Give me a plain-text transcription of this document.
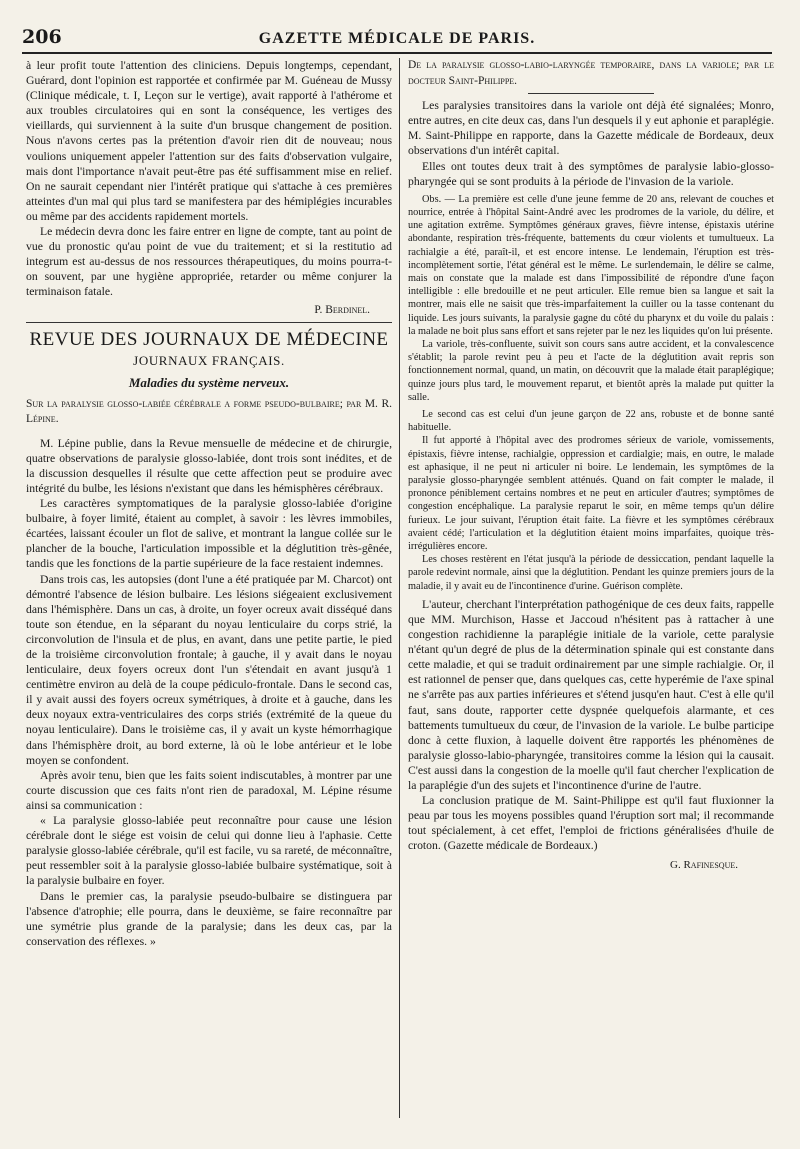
206	GAZETTE MÉDICALE DE PARIS.

à leur profit toute l'attention des cliniciens. Depuis longtemps, cependant, Guérard, dont l'opinion est rapportée et confirmée par M. Guéneau de Mussy (Clinique médicale, t. I, Leçon sur le vertige), avait rapporté à l'athérome et aux troubles circulatoires qui en sont la conséquence, les vertiges des vieillards, qui surviennent à la suite d'un brusque changement de position. Nous n'avons certes pas la prétention d'avoir rien dit de nouveau; nous voulions uniquement appeler l'attention sur des faits d'observation vulgaire, mais dont l'importance n'avait peut-être pas été suffisamment mise en relief. On ne saurait cependant nier l'intérêt pratique qui s'attache à ces premières atteintes d'un mal qui plus tard se manifestera par des hémiplégies incurables ou même par des accidents rapidement mortels.

Le médecin devra donc les faire entrer en ligne de compte, tant au point de vue du pronostic qu'au point de vue du traitement; et si la restitutio ad integrum est au-dessus de nos ressources thérapeutiques, du moins pourra-t-on souvent, par une hygiène appropriée, retarder ou même conjurer la terminaison fatale.

P. Berdinel.

REVUE DES JOURNAUX DE MÉDECINE

JOURNAUX FRANÇAIS.

Maladies du système nerveux.

Sur la paralysie glosso-labiée cérébrale a forme pseudo-bulbaire; par M. R. Lépine.

M. Lépine publie, dans la Revue mensuelle de médecine et de chirurgie, quatre observations de paralysie glosso-labiée, dont trois sont inédites, et de la discussion desquelles il résulte que cette affection peut se produire avec intégrité du bulbe, les lésions n'existant que dans les hémisphères cérébraux.

Les caractères symptomatiques de la paralysie glosso-labiée d'origine bulbaire, à foyer limité, étaient au complet, à savoir : les lèvres immobiles, écartées, laissant écouler un flot de salive, et montrant la langue collée sur le plancher de la bouche, l'articulation impossible et la déglutition très-gênée, tandis que les fonctions de la partie supérieure de la face restaient indemnes.

Dans trois cas, les autopsies (dont l'une a été pratiquée par M. Charcot) ont démontré l'absence de lésion bulbaire. Les lésions siégeaient exclusivement dans l'hémisphère. Dans un cas, à droite, un foyer ocreux avait disséqué dans toute son étendue, en la séparant du noyau lenticulaire du corps strié, la circonvolution de l'insula et de plus, en avant, dans une petite partie, le pied de la troisième circonvolution frontale; à gauche, il y avait dans le noyau lenticulaire, deux foyers ocreux dont l'un s'étendait en avant jusqu'à 1 centimètre environ au delà de la coupe pédiculo-frontale. Dans le second cas, il y avait aussi des foyers ocreux symétriques, à droite et à gauche, dans les deux noyaux extra-ventriculaires des corps striés (extrémité de la queue du noyau lenticulaire). Dans le troisième cas, il y avait un kyste hémorrhagique dans l'hémisphère droit, au bord externe, là où le lobe antérieur et le lobe moyen se confondent.

Après avoir tenu, bien que les faits soient indiscutables, à montrer par une courte discussion que ces faits n'ont rien de paradoxal, M. Lépine résume ainsi sa communication :

« La paralysie glosso-labiée peut reconnaître pour cause une lésion cérébrale dont le siége est voisin de celui qui donne lieu à l'aphasie. Cette paralysie glosso-labiée cérébrale, qu'il est facile, vu sa rareté, de méconnaître, peut ressembler soit à la paralysie glosso-labiée bulbaire systématique, soit à la paralysie bulbaire en foyer.

Dans le premier cas, la paralysie pseudo-bulbaire se distinguera par l'absence d'atrophie; elle pourra, dans le deuxième, se faire reconnaître par une symétrie plus grande de la paralysie; dans les deux cas, par la conservation des réflexes. »

De la paralysie glosso-labio-laryngée temporaire, dans la variole; par le docteur Saint-Philippe.

Les paralysies transitoires dans la variole ont déjà été signalées; Monro, entre autres, en cite deux cas, dans l'un desquels il y eut aphonie et paraplégie. M. Saint-Philippe en rapporte, dans la Gazette médicale de Bordeaux, deux observations d'un intérêt capital.

Elles ont toutes deux trait à des symptômes de paralysie labio-glosso-pharyngée qui se sont produits à la période de l'invasion de la variole.

Obs. — La première est celle d'une jeune femme de 20 ans, relevant de couches et nourrice, entrée à l'hôpital Saint-André avec les prodromes de la variole, du délire, et une agitation extrême. Symptômes généraux graves, fièvre intense, épistaxis utérine abondante, respiration très-fréquente, battements du cœur violents et tumultueux. La rachialgie a été, paraît-il, et est encore intense. Le lendemain, l'éruption est très-incomplètement sortie, l'état général est le même. Le surlendemain, le délire se calme, mais on constate que la malade est dans l'impossibilité de répondre d'une façon intelligible : elle bredouille et ne peut articuler. Elle remue bien sa langue et sait la montrer, mais elle ne saisit que très-imparfaitement la cuiller ou la tasse contenant du liquide. Les jours suivants, la paralysie gagne du côté du pharynx et du voile du palais : la malade ne boit plus sans effort et sans rejeter par le nez les liquides qu'on lui présente.

La variole, très-confluente, suivit son cours sans autre accident, et la convalescence s'établit; la parole revint peu à peu et l'acte de la déglutition avait repris son fonctionnement normal, quand, un matin, on découvrit que la malade était paraplégique; quinze jours plus tard, le mouvement reparut, et bientôt après la malade put quitter la salle.

Le second cas est celui d'un jeune garçon de 22 ans, robuste et de bonne santé habituelle.

Il fut apporté à l'hôpital avec des prodromes sérieux de variole, vomissements, épistaxis, fièvre intense, rachialgie, oppression et cardialgie; mais, en outre, le malade est aphasique, il ne peut ni articuler ni boire. Le lendemain, les symptômes de la paralysie glosso-pharyngée semblent atténués. Quand on fait compter le malade, il prononce péniblement certains nombres et ne peut en articuler d'autres; symptômes de congestion encéphalique. La paralysie reparut le soir, en même temps qu'un délire furieux. Le jour suivant, l'éruption était faite. La fièvre et les symptômes cérébraux avaient cédé; l'articulation et la déglutition étaient moins imparfaites, quoique très-irrégulières encore.

Les choses restèrent en l'état jusqu'à la période de dessiccation, pendant laquelle la parole redevint normale, ainsi que la déglutition. Pendant les quinze premiers jours de la maladie, il y avait eu de l'incontinence d'urine. Guérison complète.

L'auteur, cherchant l'interprétation pathogénique de ces deux faits, rappelle que MM. Murchison, Hasse et Jaccoud n'hésitent pas à rattacher à une congestion rachidienne la paraplégie initiale de la variole, cette paralysie n'étant qu'un degré de plus de la détermination spinale qui est constante dans cette maladie, et qui se traduit ordinairement par une simple rachialgie. Or, il est rationnel de penser que, dans quelques cas, cette hyperémie de l'axe spinal ne s'arrête pas aux parties inférieures et s'étend jusqu'en haut. C'est à elle qu'il faut, sans doute, rapporter cette dyspnée quelquefois alarmante, et ces battements tumultueux du cœur, de l'invasion de la variole. Le bulbe participe donc à cette fluxion, à laquelle doivent être rapportés les phénomènes de paralysie glosso-labio-pharyngée, transitoires comme la lésion qui la causait. C'est aussi dans la congestion de la moelle qu'il faut chercher l'explication de la paraplégie d'un des sujets et l'incontinence d'urine de l'autre.

La conclusion pratique de M. Saint-Philippe est qu'il faut fluxionner la peau par tous les moyens possibles quand l'éruption sort mal; il recommande tout spécialement, à cet effet, l'emploi de frictions généralisées d'huile de croton. (Gazette médicale de Bordeaux.)

G. Rafinesque.
